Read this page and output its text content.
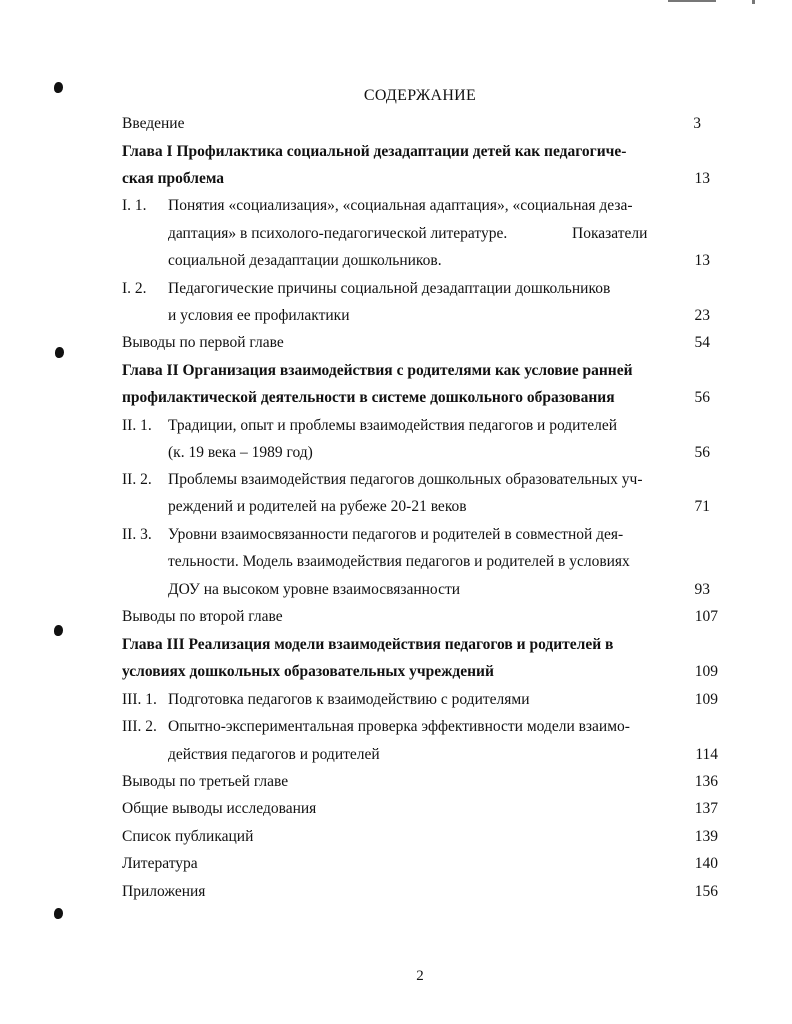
СОДЕРЖАНИЕ
Введение	3
Глава I Профилактика социальной дезадаптации детей как педагогиче-
ская проблема	13
I. 1. Понятия «социализация», «социальная адаптация», «социальная деза-
даптация» в психолого-педагогической литературе.	Показатели
социальной дезадаптации дошкольников.	13
I. 2. Педагогические причины социальной дезадаптации дошкольников
и условия ее профилактики	23
Выводы по первой главе	54
Глава II Организация взаимодействия с родителями как условие ранней
профилактической деятельности в системе дошкольного образования	56
II. 1. Традиции, опыт и проблемы взаимодействия педагогов и родителей
(к. 19 века – 1989 год)	56
II. 2. Проблемы взаимодействия педагогов дошкольных образовательных уч-
реждений и родителей на рубеже 20-21 веков	71
II. 3. Уровни взаимосвязанности педагогов и родителей в совместной дея-
тельности. Модель взаимодействия педагогов и родителей в условиях
ДОУ на высоком уровне взаимосвязанности	93
Выводы по второй главе	107
Глава III Реализация модели взаимодействия педагогов и родителей в
условиях дошкольных образовательных учреждений	109
III. 1. Подготовка педагогов к взаимодействию с родителями	109
III. 2. Опытно-экспериментальная проверка эффективности модели взаимо-
действия педагогов и родителей	114
Выводы по третьей главе	136
Общие выводы исследования	137
Список публикаций	139
Литература	140
Приложения	156
2
